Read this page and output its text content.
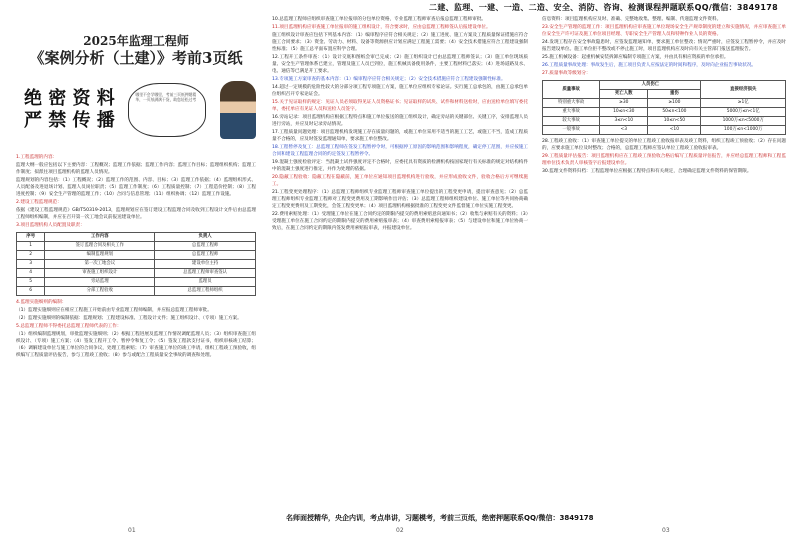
二建、监理、一建、一造、二造、安全、消防、咨询、检测课程押题联系QQ/微信：3849178
2025年监理工程师
《案例分析（土建）》考前3页纸
绝 密 资 料
严 禁 传 播
哪里不会学哪里，考前三页纸押题精华，一页纸满满干货，助您轻松过考
1.工程监理的内容：
监理大纲一般应包括以下主要内容：工程概况；监理工作依据；监理工作内容；监理工作目标；监理组织机构；监理工作制度；拟派往项目监理机构的监理人员情况。
监理规划的内容包括：（1）工程概况；（2）监理工作的范围、内容、目标；（3）监理工作依据；（4）监理组织形式、人员配备及进退场计划、监理人员岗位职责；（5）监理工作制度；（6）工程质量控制；（7）工程造价控制；（8）工程进度控制；（9）安全生产管理的监理工作；（10）合同与信息管理；（11）组织协调；（12）监理工作设施。
2.建设工程监理规范：
依据《建设工程监理规范》GB/T50319-2013，监理规划应在签订建设工程监理合同及收到工程设计文件后由总监理工程师组织编制，并应在召开第一次工地会议前报送建设单位。
3.项目监理机构人员配置及职责：
序号	工作内容	负责人
1	签订监理合同及相关工作	总监理工程师
2	编制监理规划	总监理工程师
3	第一次工地会议	建设单位主持
4	审查施工组织设计	总监理工程师审查签认
5	旁站监理	监理员
6	分部工程验收	总监理工程师组织
4.监理实施细则的编制：
（1）监理实施细则应在相应工程施工开始前由专业监理工程师编制，并应报总监理工程师审批。
（2）监理实施细则的编制依据：监理规划；工程建设标准、工程设计文件；施工组织设计、（专项）施工方案。
5.总监理工程师不得委托总监理工程师代表的工作：
（1）组织编制监理规划，审批监理实施细则；（2）根据工程进展及监理工作情况调配监理人员；（3）组织审查施工组织设计、（专项）施工方案；（4）签发工程开工令、暂停令和复工令；（5）签发工程款支付证书，组织审核竣工结算；（6）调解建设单位与施工单位的合同争议，处理工程索赔；（7）审查施工单位的竣工申请，组织工程竣工预验收，组织编写工程质量评估报告，参与工程竣工验收；（8）参与或配合工程质量安全事故的调查和处理。
10.总监理工程师应组织审查施工单位报审的分包单位资格，专业监理工程师审查后报总监理工程师审批。
11.项目监理机构应审查施工单位报审的施工组织设计，符合要求时，应由总监理工程师签认后报建设单位。
施工组织设计审查应包括下列基本内容：（1）编审程序应符合相关规定；（2）施工进度、施工方案及工程质量保证措施应符合施工合同要求；（3）资金、劳动力、材料、设备等资源供应计划应满足工程施工需要；（4）安全技术措施应符合工程建设强制性标准；（5）施工总平面布置应科学合理。
12.工程开工条件审查：（1）设计交底和图纸会审已完成；（2）施工组织设计已由总监理工程师签认；（3）施工单位现场质量、安全生产管理体系已建立，管理及施工人员已到位，施工机械具备使用条件，主要工程材料已落实；（4）进场道路及水、电、通信等已满足开工要求。
13.专项施工方案审查的基本内容：（1）编审程序应符合相关规定；（2）安全技术措施应符合工程建设强制性标准。
14.超过一定规模的危险性较大的分部分项工程专项施工方案，施工单位应组织专家论证。实行施工总承包的，由施工总承包单位组织召开专家论证会。
15.关于见证取样的规定：见证人员必须取得见证人员资格证书；见证取样的试块、试件和材料送检时，应由送检单位填写委托单，委托单应有见证人员和送检人员签字。
16.旁站记录：项目监理机构应根据工程特点和施工单位报送的施工组织设计，确定旁站的关键部位、关键工序，安排监理人员进行旁站，并应及时记录旁站情况。
17.工程质量问题处理：项目监理机构发现施工存在质量问题的，或施工单位采用不适当的施工工艺，或施工不当，造成工程质量不合格的，应及时签发监理通知单，要求施工单位整改。
18.工程暂停及复工：总监理工程师在签发工程暂停令时，可根据停工原因的影响范围和影响程度，确定停工范围，并应按施工合同和建设工程监理合同的约定签发工程暂停令。
19.混凝土强度检验评定：当混凝土试件强度评定不合格时，应委托具有资质的检测机构按国家现行有关标准的规定对结构构件中的混凝土强度进行推定，并作为处理的依据。
20.隐蔽工程验收：隐蔽工程在隐蔽前，施工单位应通知项目监理机构进行验收，并应形成验收文件，验收合格后方可继续施工。
21.工程变更处理程序：（1）总监理工程师组织专业监理工程师审查施工单位提出的工程变更申请，提出审查意见；（2）总监理工程师组织专业监理工程师对工程变更费用及工期影响作出评估；（3）总监理工程师组织建设单位、施工单位等共同协商确定工程变更费用及工期变化，会签工程变更单；（4）项目监理机构根据批准的工程变更文件监督施工单位实施工程变更。
22.费用索赔处理：（1）受理施工单位在施工合同约定的期限内提交的费用索赔意向通知书；（2）收集与索赔有关的资料；（3）受理施工单位在施工合同约定的期限内提交的费用索赔报审表；（4）审查费用索赔报审表；（5）与建设单位和施工单位协商一致后，在施工合同约定的期限内签发费用索赔报审表，并报建设单位。
信息资料：项目监理机构应及时、准确、完整地收集、整理、编制、传递监理文件资料。
23.安全生产管理的监理工作：项目监理机构应审查施工单位现场安全生产规章制度的建立和实施情况，并应审查施工单位安全生产许可证及施工单位项目经理、专职安全生产管理人员和特种作业人员的资格。
24.发现工程存在安全事故隐患时，应签发监理通知单，要求施工单位整改；情况严重时，应签发工程暂停令，并应及时报告建设单位。施工单位拒不整改或不停止施工时，项目监理机构应及时向有关主管部门报送监理报告。
25.施工机械设备：起重机械安装拆卸应编制专项施工方案，并由具有相应资质的单位承担。
26.工程质量事故处理：事故发生后，施工项目负责人应按法定的时间和程序，及时向企业报告事故状况。
27.质量事故等级划分：
质量事故	人员伤亡		直接经济损失
	死亡人数	重伤	
特别重大事故	≥30	≥100	≥1亿
重大事故	10≤n<30	50≤n<100	5000万≤n<1亿
较大事故	3≤n<10	10≤n<50	1000万≤n<5000万
一般事故	<3	<10	100万≤n<1000万
28.工程竣工验收：（1）审查施工单位提交的单位工程竣工验收报审表及竣工资料，组织工程竣工预验收；（2）存在问题的，应要求施工单位及时整改；合格的，总监理工程师应签认单位工程竣工验收报审表。
29.工程质量评估报告：项目监理机构应在工程竣工预验收合格后编写工程质量评估报告，并应经总监理工程师和工程监理单位技术负责人审核签字后报建设单位。
30.监理文件资料归档：工程监理单位应根据工程特点和有关规定，合理确定监理文件资料的保管期限。
名师面授精华，央企内训，考点串讲，习题模考，考前三页纸，绝密押题联系QQ/微信：3849178
01	02	03
